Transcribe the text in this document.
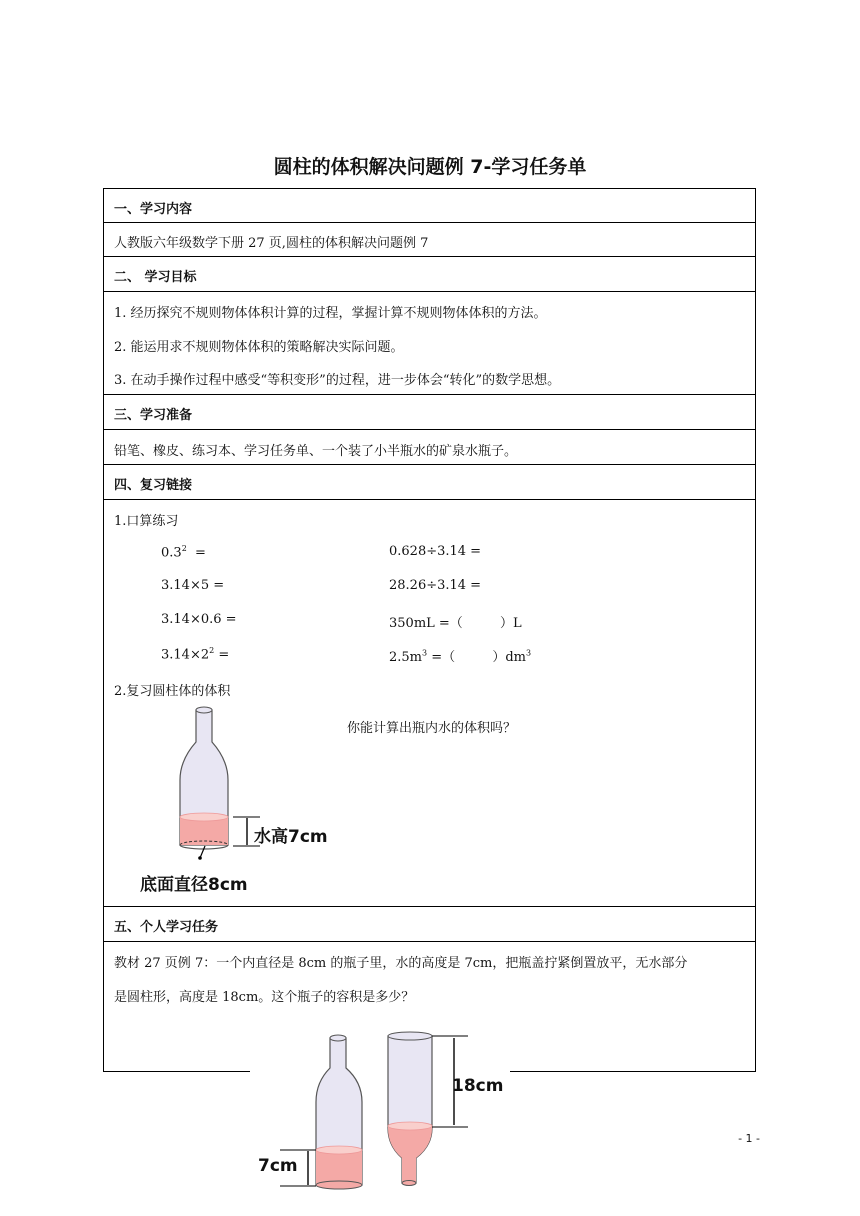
圆柱的体积解决问题例 7-学习任务单
一、学习内容
人教版六年级数学下册 27 页,圆柱的体积解决问题例 7
二、 学习目标
1. 经历探究不规则物体体积计算的过程，掌握计算不规则物体体积的方法。
2. 能运用求不规则物体体积的策略解决实际问题。
3. 在动手操作过程中感受“等积变形”的过程，进一步体会“转化”的数学思想。
三、学习准备
铅笔、橡皮、练习本、学习任务单、一个装了小半瓶水的矿泉水瓶子。
四、复习链接
1.口算练习
$0.3^2$  =	0.628÷3.14 =
3.14×5 =	28.26÷3.14 =
3.14×0.6 =	350mL =（         ）L
$3.14\times 2^2$ =	$2.5m^3$ =（         ）$dm^3$
2.复习圆柱体的体积
你能计算出瓶内水的体积吗？
五、个人学习任务
教材 27 页例 7：一个内直径是 8cm 的瓶子里，水的高度是 7cm，把瓶盖拧紧倒置放平，无水部分
是圆柱形，高度是 18cm。这个瓶子的容积是多少？
水高7cm
底面直径8cm
7cm
18cm
- 1 -
